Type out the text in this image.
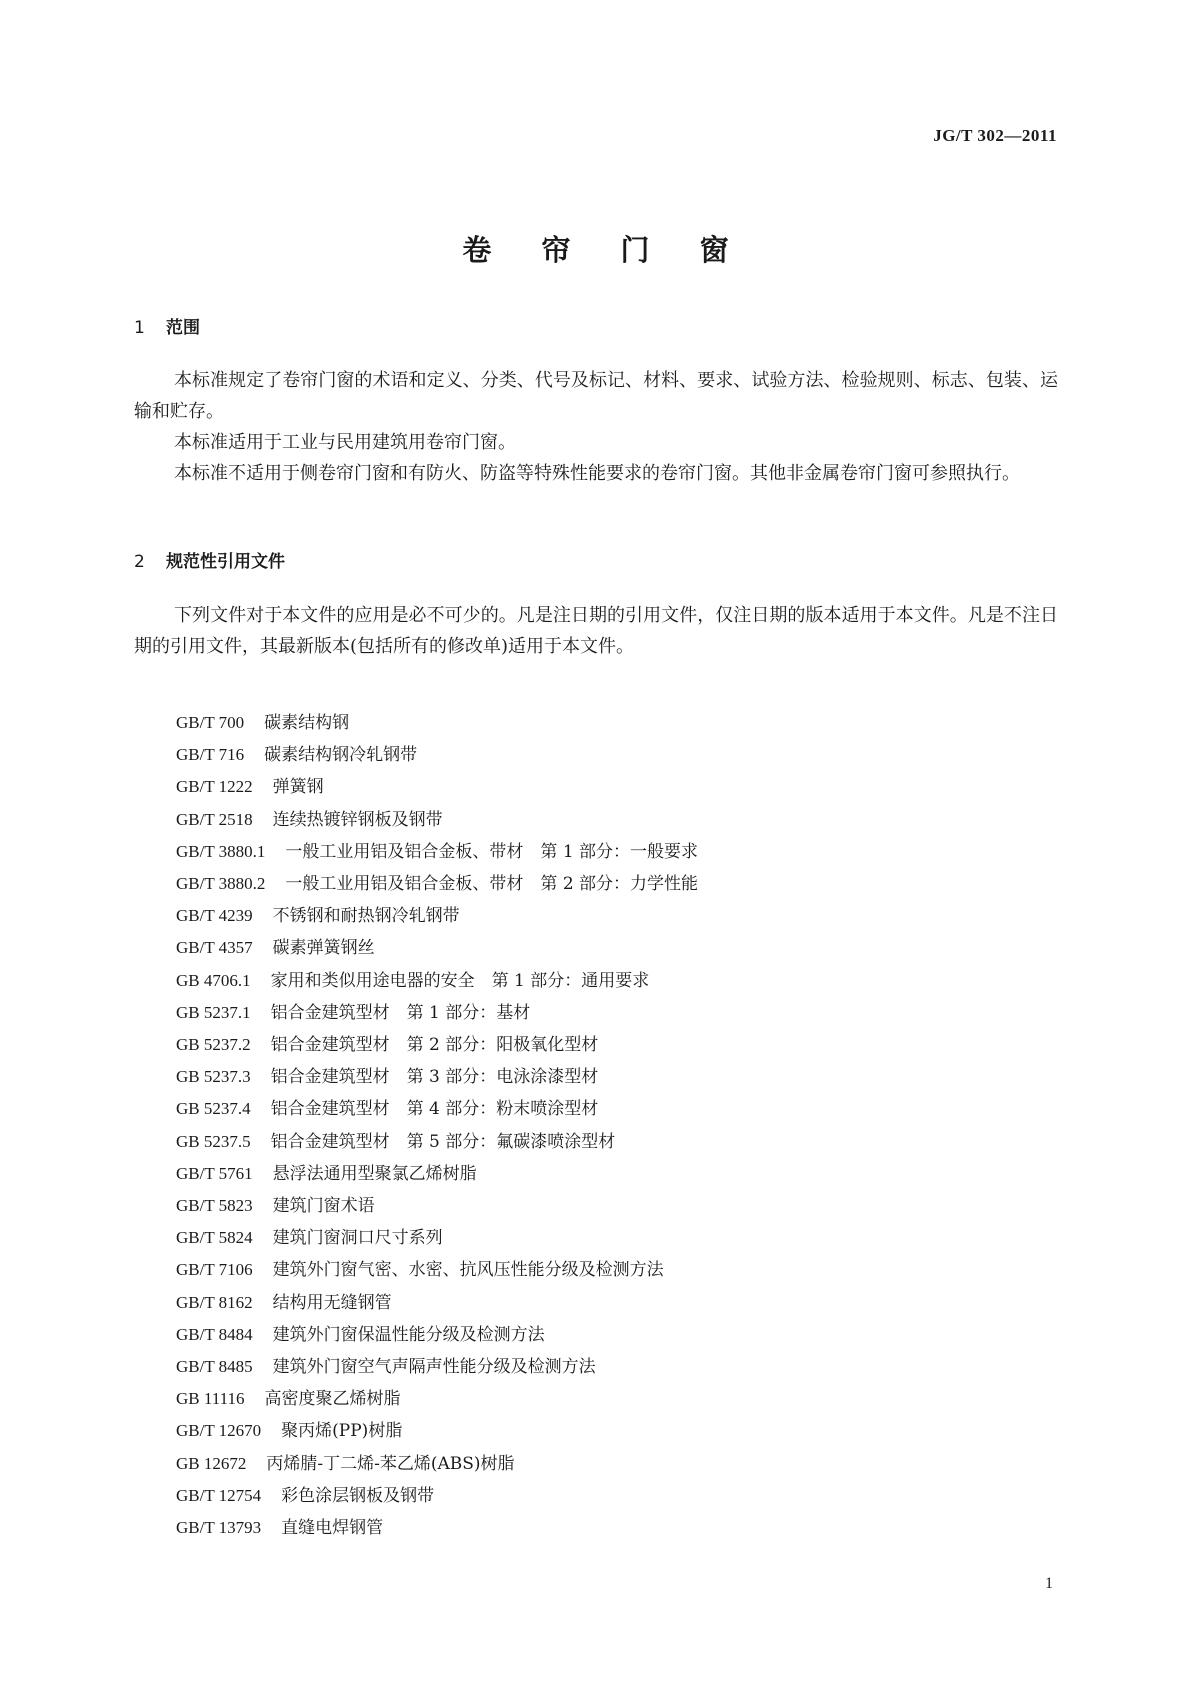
JG/T 302—2011
卷 帘 门 窗
1 范围

本标准规定了卷帘门窗的术语和定义、分类、代号及标记、材料、要求、试验方法、检验规则、标志、包装、运输和贮存。

本标准适用于工业与民用建筑用卷帘门窗。

本标准不适用于侧卷帘门窗和有防火、防盗等特殊性能要求的卷帘门窗。其他非金属卷帘门窗可参照执行。

2 规范性引用文件

下列文件对于本文件的应用是必不可少的。凡是注日期的引用文件，仅注日期的版本适用于本文件。凡是不注日期的引用文件，其最新版本(包括所有的修改单)适用于本文件。

GB/T 700 碳素结构钢
GB/T 716 碳素结构钢冷轧钢带
GB/T 1222 弹簧钢
GB/T 2518 连续热镀锌钢板及钢带
GB/T 3880.1 一般工业用铝及铝合金板、带材　第 1 部分：一般要求
GB/T 3880.2 一般工业用铝及铝合金板、带材　第 2 部分：力学性能
GB/T 4239 不锈钢和耐热钢冷轧钢带
GB/T 4357 碳素弹簧钢丝
GB 4706.1 家用和类似用途电器的安全　第 1 部分：通用要求
GB 5237.1 铝合金建筑型材　第 1 部分：基材
GB 5237.2 铝合金建筑型材　第 2 部分：阳极氧化型材
GB 5237.3 铝合金建筑型材　第 3 部分：电泳涂漆型材
GB 5237.4 铝合金建筑型材　第 4 部分：粉末喷涂型材
GB 5237.5 铝合金建筑型材　第 5 部分：氟碳漆喷涂型材
GB/T 5761 悬浮法通用型聚氯乙烯树脂
GB/T 5823 建筑门窗术语
GB/T 5824 建筑门窗洞口尺寸系列
GB/T 7106 建筑外门窗气密、水密、抗风压性能分级及检测方法
GB/T 8162 结构用无缝钢管
GB/T 8484 建筑外门窗保温性能分级及检测方法
GB/T 8485 建筑外门窗空气声隔声性能分级及检测方法
GB 11116 高密度聚乙烯树脂
GB/T 12670 聚丙烯(PP)树脂
GB 12672 丙烯腈-丁二烯-苯乙烯(ABS)树脂
GB/T 12754 彩色涂层钢板及钢带
GB/T 13793 直缝电焊钢管
1
